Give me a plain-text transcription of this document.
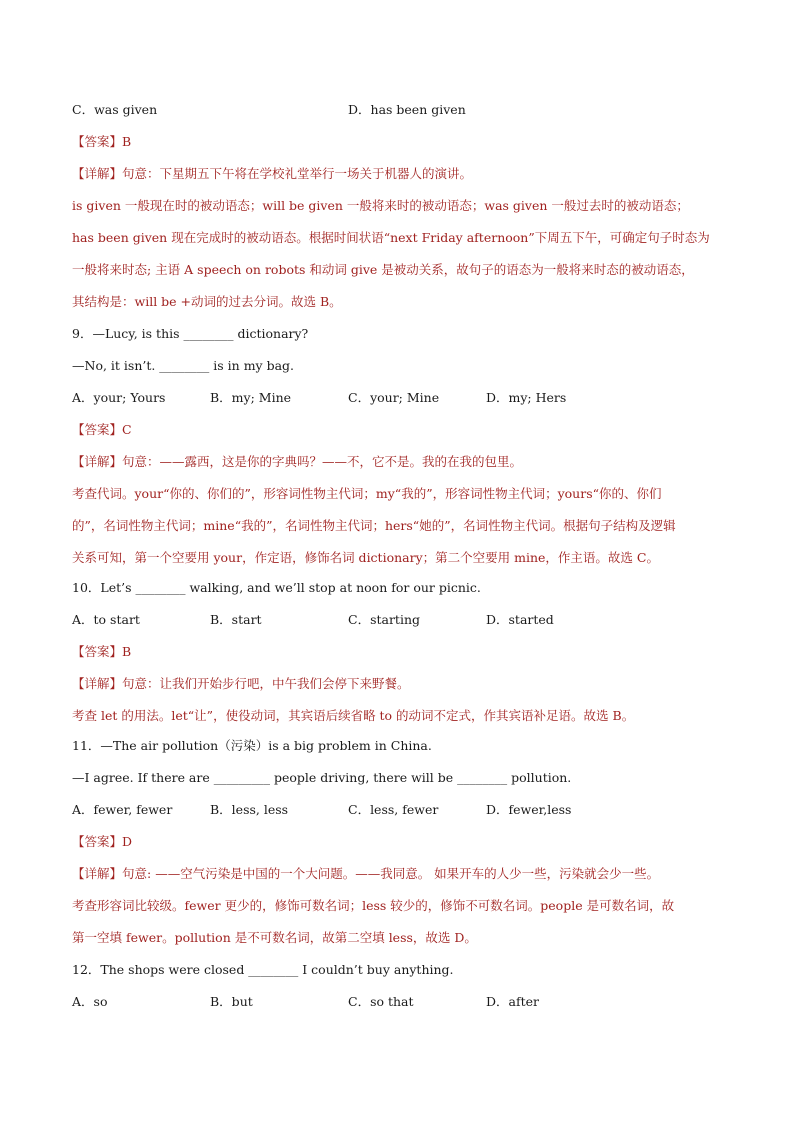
C．was given	D．has been given
【答案】B
【详解】句意：下星期五下午将在学校礼堂举行一场关于机器人的演讲。
is given 一般现在时的被动语态；will be given 一般将来时的被动语态；was given 一般过去时的被动语态；
has been given 现在完成时的被动语态。根据时间状语“next Friday afternoon”下周五下午，可确定句子时态为
一般将来时态; 主语 A speech on robots 和动词 give 是被动关系，故句子的语态为一般将来时态的被动语态，
其结构是：will be +动词的过去分词。故选 B。
9．—Lucy, is this ________ dictionary?
—No, it isn’t. ________ is in my bag.
A．your; Yours	B．my; Mine	C．your; Mine	D．my; Hers
【答案】C
【详解】句意：——露西，这是你的字典吗？——不，它不是。我的在我的包里。
考查代词。your“你的、你们的”，形容词性物主代词；my“我的”，形容词性物主代词；yours“你的、你们
的”，名词性物主代词；mine“我的”，名词性物主代词；hers“她的”，名词性物主代词。根据句子结构及逻辑
关系可知，第一个空要用 your，作定语，修饰名词 dictionary；第二个空要用 mine，作主语。故选 C。
10．Let’s ________ walking, and we’ll stop at noon for our picnic.
A．to start	B．start	C．starting	D．started
【答案】B
【详解】句意：让我们开始步行吧，中午我们会停下来野餐。
考查 let 的用法。let“让”，使役动词，其宾语后续省略 to 的动词不定式，作其宾语补足语。故选 B。
11．—The air pollution（污染）is a big problem in China.
—I agree. If there are _________ people driving, there will be ________ pollution.
A．fewer, fewer	B．less, less	C．less, fewer	D．fewer,less
【答案】D
【详解】句意: ——空气污染是中国的一个大问题。——我同意。 如果开车的人少一些，污染就会少一些。
考查形容词比较级。fewer 更少的，修饰可数名词；less 较少的，修饰不可数名词。people 是可数名词，故
第一空填 fewer。pollution 是不可数名词，故第二空填 less，故选 D。
12．The shops were closed ________ I couldn’t buy anything.
A．so	B．but	C．so that	D．after
